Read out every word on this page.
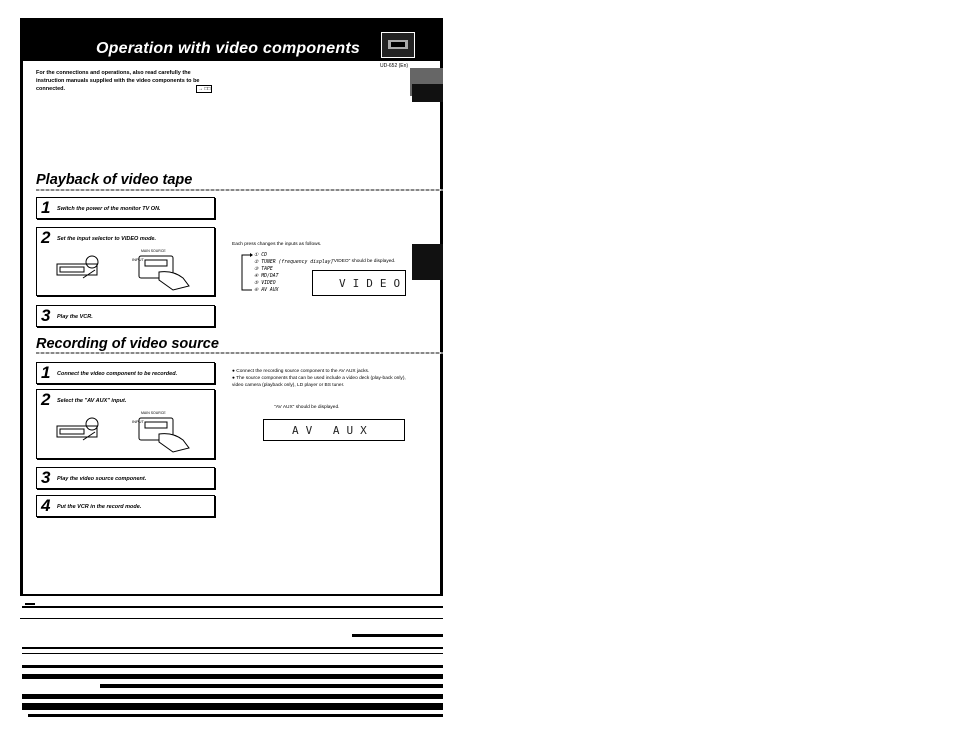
Operation with video components
UD-652 (En)
For the connections and operations, also read carefully the instruction manuals supplied with the video components to be connected.	→ □□
Playback of video tape
1 Switch the power of the monitor TV ON.
2 Set the input selector to VIDEO mode.
INPUT
MAIN SOURCE
3 Play the VCR.
Each press changes the inputs as follows.
① CD
② TUNER (frequency display)
③ TAPE
④ MD/DAT
⑤ VIDEO
⑥ AV AUX
"VIDEO" should be displayed.
VIDEO
Recording of video source
1 Connect the video component to be recorded.
2 Select the "AV AUX" input.
INPUT
MAIN SOURCE
3 Play the video source component.
4 Put the VCR in the record mode.
● Connect the recording source component to the AV AUX jacks.
● The source components that can be used include a video deck (play-back only), video camera (playback only), LD player or BS tuner.
"AV AUX" should be displayed.
AV AUX
